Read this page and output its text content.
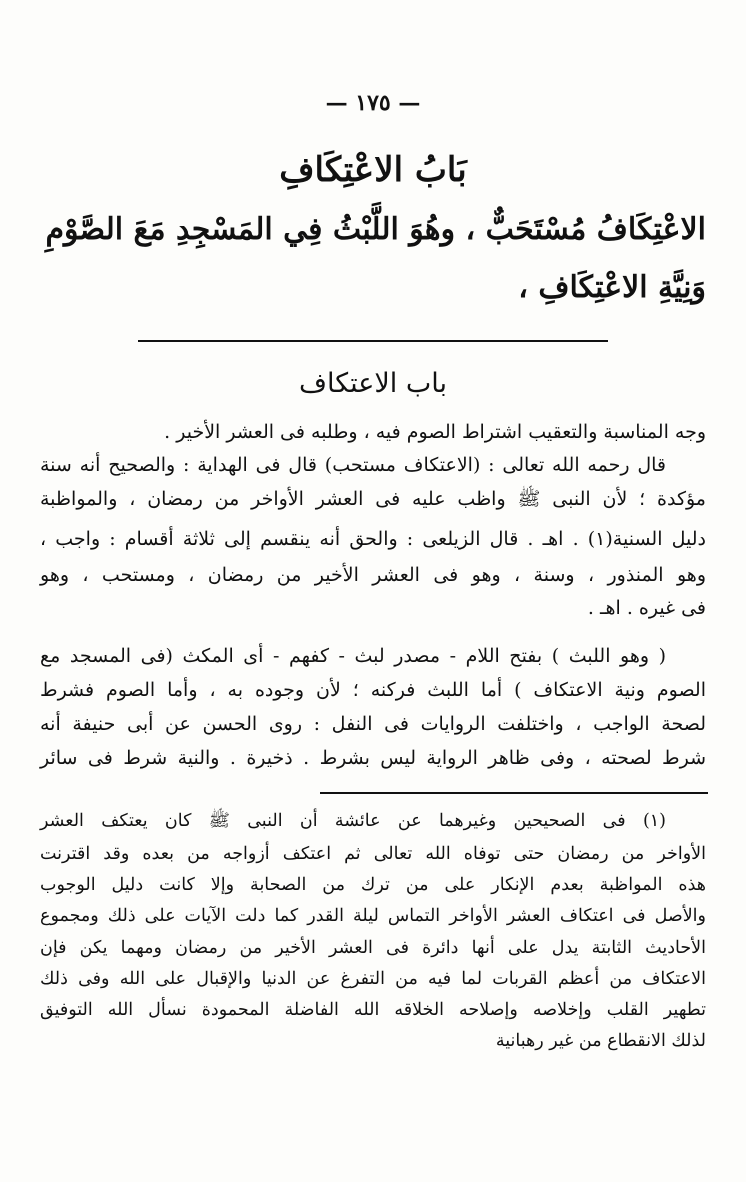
— ١٧٥ —
بَابُ الاعْتِكَافِ
الاعْتِكَافُ مُسْتَحَبٌّ ، وهُوَ اللَّبْثُ فِي المَسْجِدِ مَعَ الصَّوْمِ
وَنِيَّةِ الاعْتِكَافِ ،
باب الاعتكاف
وجه المناسبة والتعقيب اشتراط الصوم فيه ، وطلبه فى العشر الأخير .
قال رحمه الله تعالى : (الاعتكاف مستحب) قال فى الهداية : والصحيح أنه سنة
مؤكدة ؛ لأن النبى ﷺ واظب عليه فى العشر الأواخر من رمضان ، والمواظبة
دليل السنية(١) . اهـ . قال الزيلعى : والحق أنه ينقسم إلى ثلاثة أقسام : واجب ،
وهو المنذور ، وسنة ، وهو فى العشر الأخير من رمضان ، ومستحب ، وهو
فى غيره . اهـ .
( وهو اللبث ) بفتح اللام - مصدر لبث - كفهم - أى المكث (فى المسجد مع
الصوم ونية الاعتكاف ) أما اللبث فركنه ؛ لأن وجوده به ، وأما الصوم فشرط
لصحة الواجب ، واختلفت الروايات فى النفل : روى الحسن عن أبى حنيفة أنه
شرط لصحته ، وفى ظاهر الرواية ليس بشرط . ذخيرة . والنية شرط فى سائر
(١) فى الصحيحين وغيرهما عن عائشة أن النبى ﷺ كان يعتكف العشر
الأواخر من رمضان حتى توفاه الله تعالى ثم اعتكف أزواجه من بعده وقد اقترنت
هذه المواظبة بعدم الإنكار على من ترك من الصحابة وإلا كانت دليل الوجوب
والأصل فى اعتكاف العشر الأواخر التماس ليلة القدر كما دلت الآيات على ذلك ومجموع
الأحاديث الثابتة يدل على أنها دائرة فى العشر الأخير من رمضان ومهما يكن فإن
الاعتكاف من أعظم القربات لما فيه من التفرغ عن الدنيا والإقبال على الله وفى ذلك
تطهير القلب وإخلاصه وإصلاحه الخلاقه الله الفاضلة المحمودة نسأل الله التوفيق
لذلك الانقطاع من غير رهبانية
